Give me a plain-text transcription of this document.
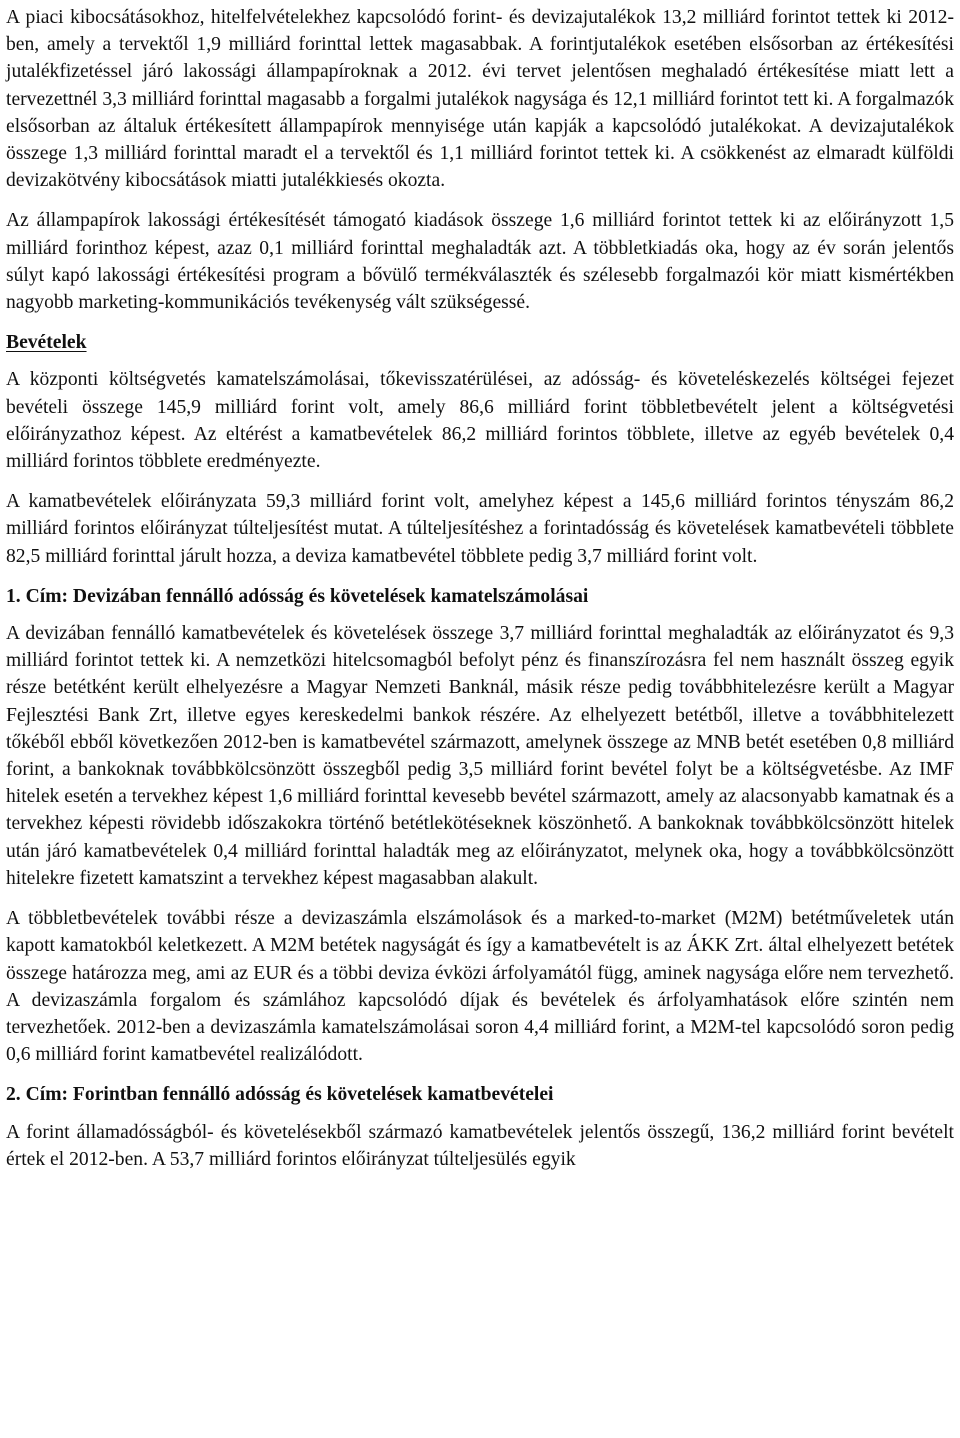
A piaci kibocsátásokhoz, hitelfelvételekhez kapcsolódó forint- és devizajutalékok 13,2 milliárd forintot tettek ki 2012-ben, amely a tervektől 1,9 milliárd forinttal lettek magasabbak. A forintjutalékok esetében elsősorban az értékesítési jutalékfizetéssel járó lakossági állampapíroknak a 2012. évi tervet jelentősen meghaladó értékesítése miatt lett a tervezettnél 3,3 milliárd forinttal magasabb a forgalmi jutalékok nagysága és 12,1 milliárd forintot tett ki. A forgalmazók elsősorban az általuk értékesített állampapírok mennyisége után kapják a kapcsolódó jutalékokat. A devizajutalékok összege 1,3 milliárd forinttal maradt el a tervektől és 1,1 milliárd forintot tettek ki. A csökkenést az elmaradt külföldi devizakötvény kibocsátások miatti jutalékkiesés okozta.

Az állampapírok lakossági értékesítését támogató kiadások összege 1,6 milliárd forintot tettek ki az előirányzott 1,5 milliárd forinthoz képest, azaz 0,1 milliárd forinttal meghaladták azt. A többletkiadás oka, hogy az év során jelentős súlyt kapó lakossági értékesítési program a bővülő termékválaszték és szélesebb forgalmazói kör miatt kismértékben nagyobb marketing-kommunikációs tevékenység vált szükségessé.

Bevételek

A központi költségvetés kamatelszámolásai, tőkevisszatérülései, az adósság- és követeléskezelés költségei fejezet bevételi összege 145,9 milliárd forint volt, amely 86,6 milliárd forint többletbevételt jelent a költségvetési előirányzathoz képest. Az eltérést a kamatbevételek 86,2 milliárd forintos többlete, illetve az egyéb bevételek 0,4 milliárd forintos többlete eredményezte.

A kamatbevételek előirányzata 59,3 milliárd forint volt, amelyhez képest a 145,6 milliárd forintos tényszám 86,2 milliárd forintos előirányzat túlteljesítést mutat. A túlteljesítéshez a forintadósság és követelések kamatbevételi többlete 82,5 milliárd forinttal járult hozza, a deviza kamatbevétel többlete pedig 3,7 milliárd forint volt.

1. Cím: Devizában fennálló adósság és követelések kamatelszámolásai

A devizában fennálló kamatbevételek és követelések összege 3,7 milliárd forinttal meghaladták az előirányzatot és 9,3 milliárd forintot tettek ki. A nemzetközi hitelcsomagból befolyt pénz és finanszírozásra fel nem használt összeg egyik része betétként került elhelyezésre a Magyar Nemzeti Banknál, másik része pedig továbbhitelezésre került a Magyar Fejlesztési Bank Zrt, illetve egyes kereskedelmi bankok részére. Az elhelyezett betétből, illetve a továbbhitelezett tőkéből ebből következően 2012-ben is kamatbevétel származott, amelynek összege az MNB betét esetében 0,8 milliárd forint, a bankoknak továbbkölcsönzött összegből pedig 3,5 milliárd forint bevétel folyt be a költségvetésbe. Az IMF hitelek esetén a tervekhez képest 1,6 milliárd forinttal kevesebb bevétel származott, amely az alacsonyabb kamatnak és a tervekhez képesti rövidebb időszakokra történő betétlekötéseknek köszönhető. A bankoknak továbbkölcsönzött hitelek után járó kamatbevételek 0,4 milliárd forinttal haladták meg az előirányzatot, melynek oka, hogy a továbbkölcsönzött hitelekre fizetett kamatszint a tervekhez képest magasabban alakult.

A többletbevételek további része a devizaszámla elszámolások és a marked-to-market (M2M) betétműveletek után kapott kamatokból keletkezett. A M2M betétek nagyságát és így a kamatbevételt is az ÁKK Zrt. által elhelyezett betétek összege határozza meg, ami az EUR és a többi deviza évközi árfolyamától függ, aminek nagysága előre nem tervezhető. A devizaszámla forgalom és számlához kapcsolódó díjak és bevételek és árfolyamhatások előre szintén nem tervezhetőek. 2012-ben a devizaszámla kamatelszámolásai soron 4,4 milliárd forint, a M2M-tel kapcsolódó soron pedig 0,6 milliárd forint kamatbevétel realizálódott.

2. Cím: Forintban fennálló adósság és követelések kamatbevételei

A forint államadósságból- és követelésekből származó kamatbevételek jelentős összegű, 136,2 milliárd forint bevételt értek el 2012-ben. A 53,7 milliárd forintos előirányzat túlteljesülés egyik
